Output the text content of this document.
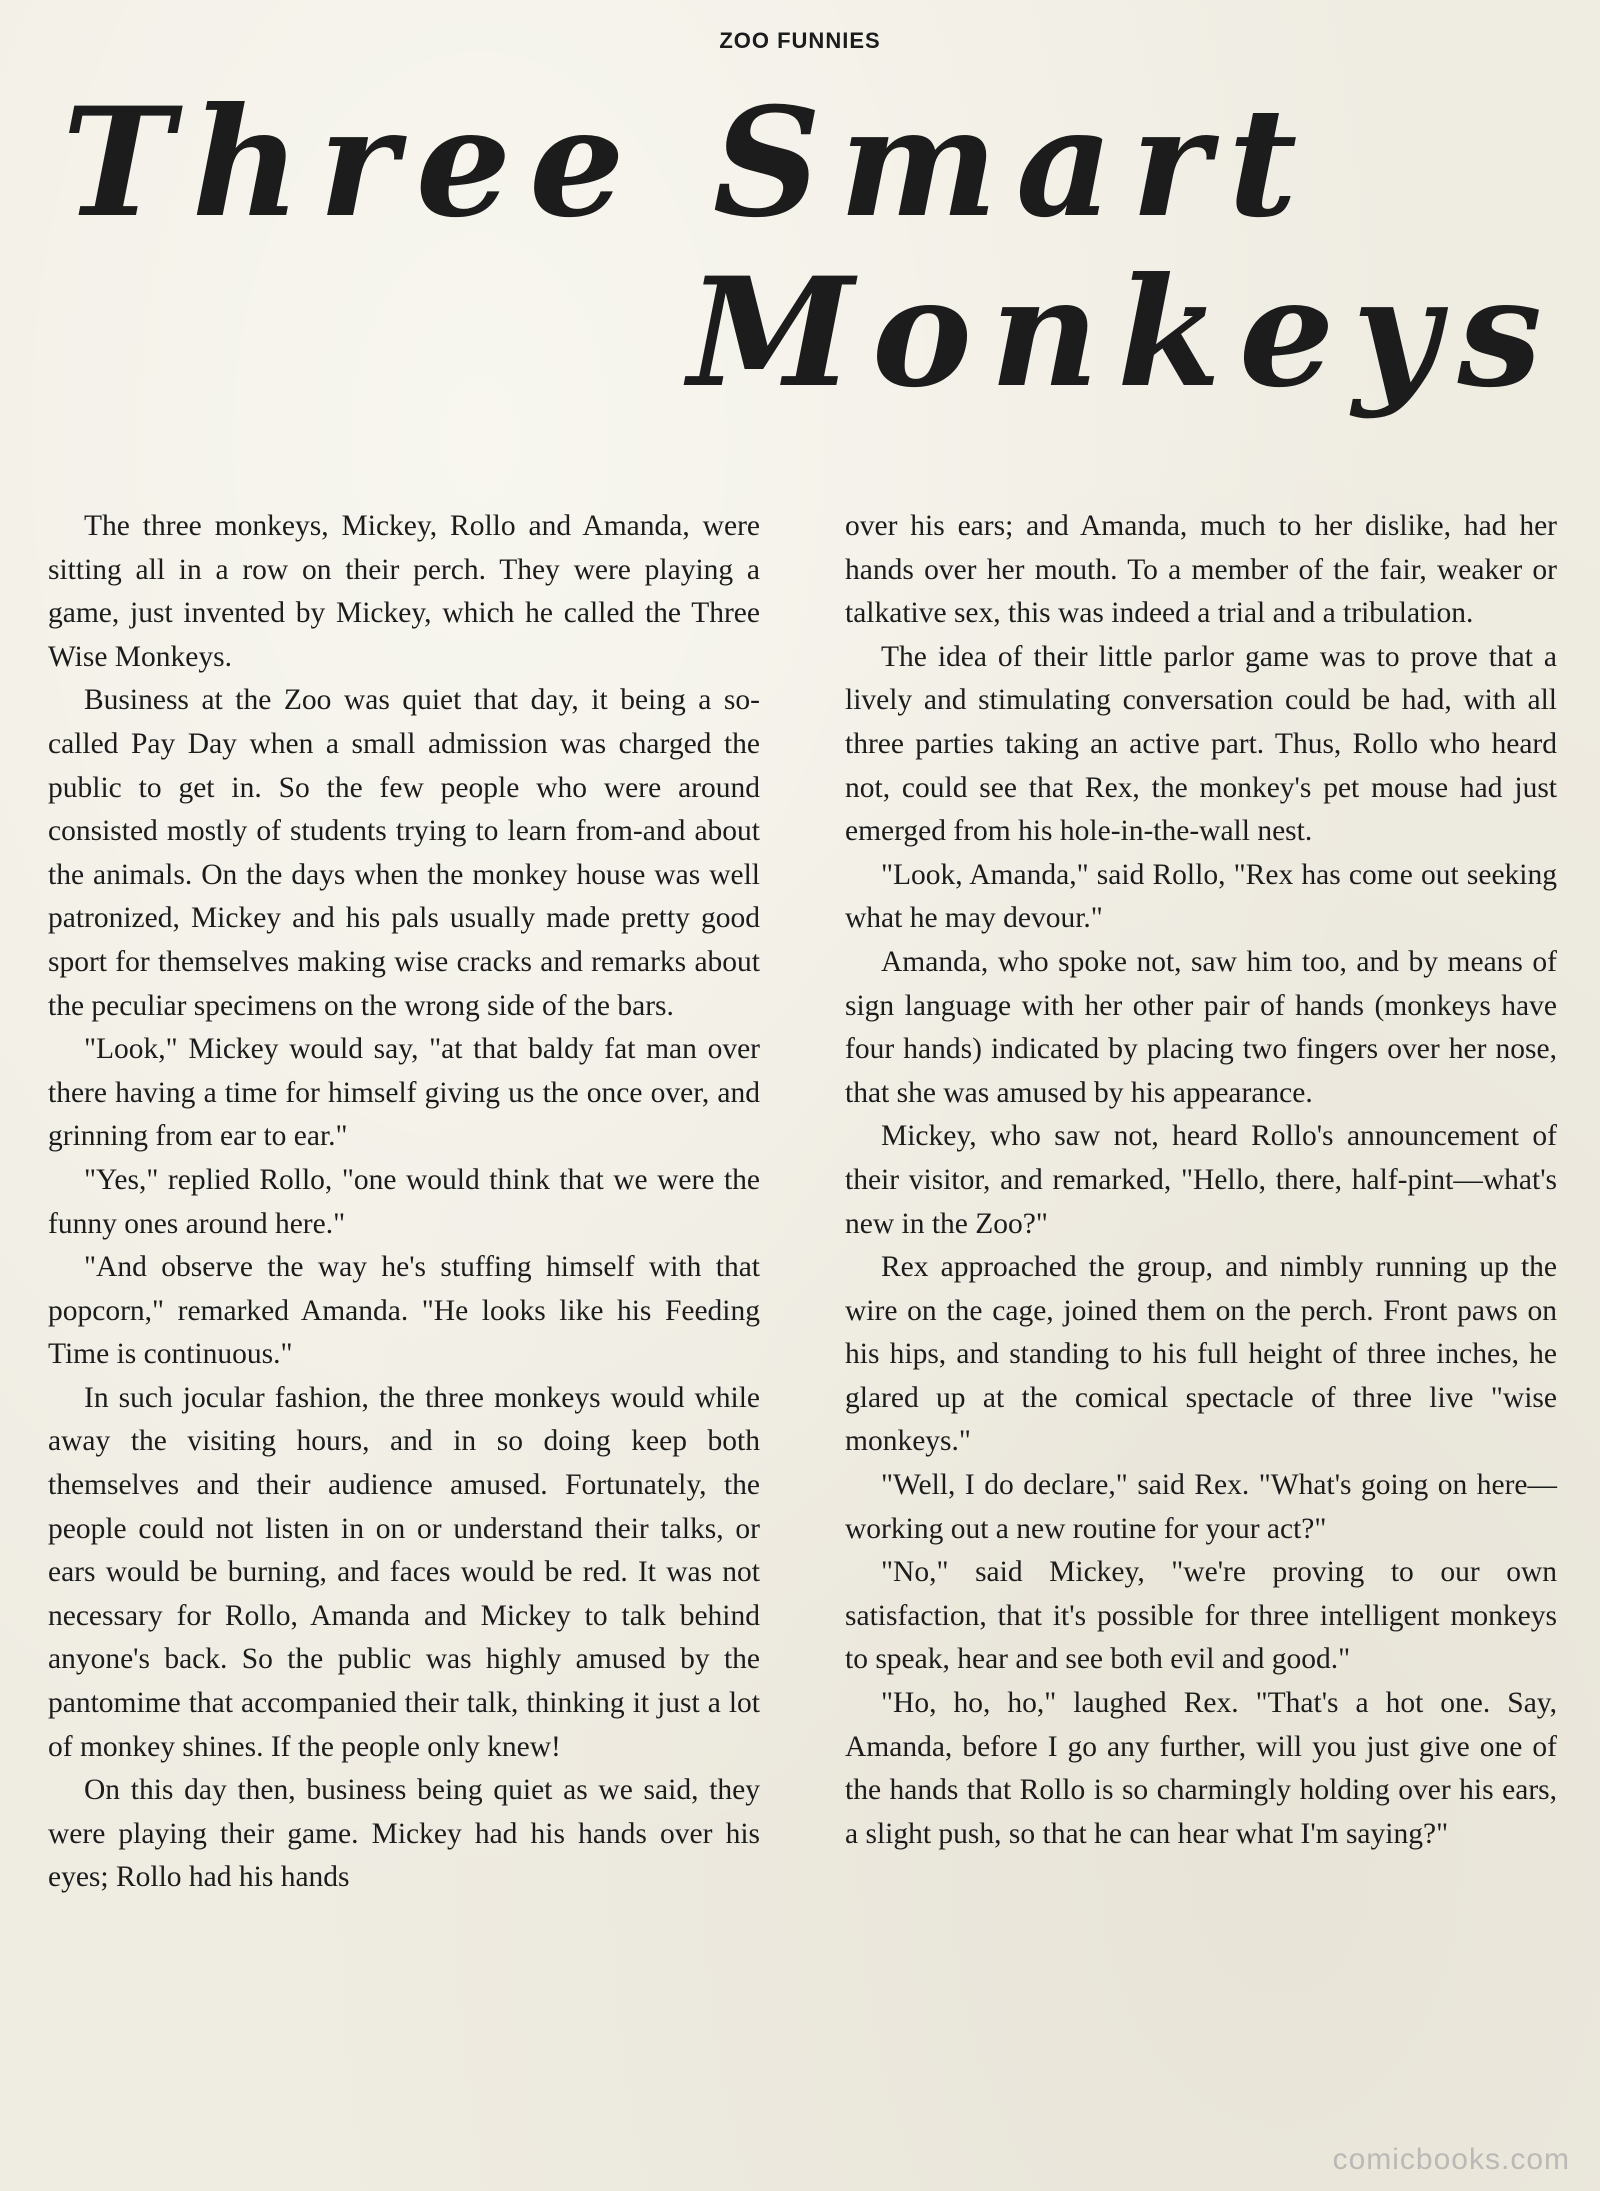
ZOO FUNNIES
Three Smart
Monkeys

The three monkeys, Mickey, Rollo and Amanda, were sitting all in a row on their perch. They were playing a game, just invented by Mickey, which he called the Three Wise Monkeys.

Business at the Zoo was quiet that day, it being a so-called Pay Day when a small admission was charged the public to get in. So the few people who were around consisted mostly of students trying to learn from-and about the animals. On the days when the monkey house was well patronized, Mickey and his pals usually made pretty good sport for themselves making wise cracks and remarks about the peculiar specimens on the wrong side of the bars.

"Look," Mickey would say, "at that baldy fat man over there having a time for himself giving us the once over, and grinning from ear to ear."

"Yes," replied Rollo, "one would think that we were the funny ones around here."

"And observe the way he's stuffing himself with that popcorn," remarked Amanda. "He looks like his Feeding Time is continuous."

In such jocular fashion, the three monkeys would while away the visiting hours, and in so doing keep both themselves and their audience amused. Fortunately, the people could not listen in on or understand their talks, or ears would be burning, and faces would be red. It was not necessary for Rollo, Amanda and Mickey to talk behind anyone's back. So the public was highly amused by the pantomime that accompanied their talk, thinking it just a lot of monkey shines. If the people only knew!

On this day then, business being quiet as we said, they were playing their game. Mickey had his hands over his eyes; Rollo had his hands

over his ears; and Amanda, much to her dislike, had her hands over her mouth. To a member of the fair, weaker or talkative sex, this was indeed a trial and a tribulation.

The idea of their little parlor game was to prove that a lively and stimulating conversation could be had, with all three parties taking an active part. Thus, Rollo who heard not, could see that Rex, the monkey's pet mouse had just emerged from his hole-in-the-wall nest.

"Look, Amanda," said Rollo, "Rex has come out seeking what he may devour."

Amanda, who spoke not, saw him too, and by means of sign language with her other pair of hands (monkeys have four hands) indicated by placing two fingers over her nose, that she was amused by his appearance.

Mickey, who saw not, heard Rollo's announcement of their visitor, and remarked, "Hello, there, half-pint—what's new in the Zoo?"

Rex approached the group, and nimbly running up the wire on the cage, joined them on the perch. Front paws on his hips, and standing to his full height of three inches, he glared up at the comical spectacle of three live "wise monkeys."

"Well, I do declare," said Rex. "What's going on here—working out a new routine for your act?"

"No," said Mickey, "we're proving to our own satisfaction, that it's possible for three intelligent monkeys to speak, hear and see both evil and good."

"Ho, ho, ho," laughed Rex. "That's a hot one. Say, Amanda, before I go any further, will you just give one of the hands that Rollo is so charmingly holding over his ears, a slight push, so that he can hear what I'm saying?"

comicbooks.com
